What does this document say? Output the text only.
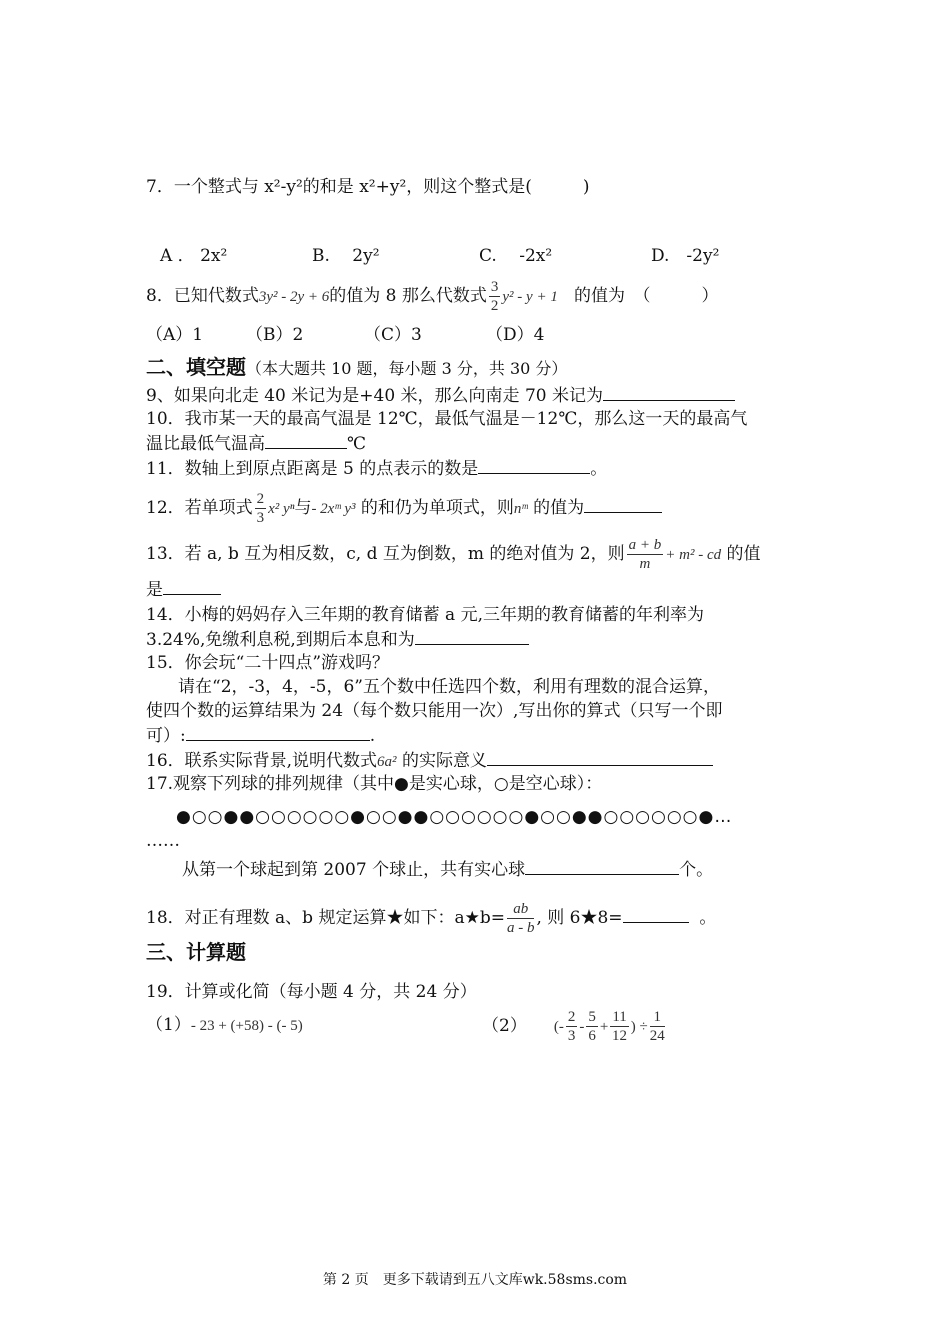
7．一个整式与 x²-y²的和是 x²+y²，则这个整式是(　　　)
A ． 2x²	B.　 2y²	C.　 -2x²	D.　-2y²
8．已知代数式3y² - 2y + 6的值为 8 那么代数式 $\frac{3}{2} y^2 - y + 1$ 的值为　（　　　）
（A）1	（B）2	（C）3	（D）4
二、填空题（本大题共 10 题，每小题 3 分，共 30 分）
9、如果向北走 40 米记为是+40 米，那么向南走 70 米记为
10．我市某一天的最高气温是 12℃，最低气温是－12℃，那么这一天的最高气
温比最低气温高	℃
11．数轴上到原点距离是 5 的点表示的数是	。
12．若单项式 $\frac{2}{3} x^2$ yⁿ与- 2xᵐ y³ 的和仍为单项式，则nᵐ 的值为
13．若 a, b 互为相反数，c, d 互为倒数，m 的绝对值为 2，则 $\frac{a + b}{m} + m^2$ - cd 的值
是
14．小梅的妈妈存入三年期的教育储蓄 a 元,三年期的教育储蓄的年利率为
3.24%,免缴利息税,到期后本息和为
15．你会玩“二十四点”游戏吗？
请在“2，-3，4，-5，6”五个数中任选四个数，利用有理数的混合运算，
使四个数的运算结果为 24（每个数只能用一次）,写出你的算式（只写一个即
可）:	.
16．联系实际背景,说明代数式6a² 的实际意义
17.观察下列球的排列规律（其中●是实心球，○是空心球）：
●○○●●○○○○○○●○○●●○○○○○○●○○●●○○○○○○●…
……
从第一个球起到第 2007 个球止，共有实心球	个。
18．对正有理数 a、b 规定运算★如下：a★b= $\frac{ab}{a - b}$ , 则 6★8=	。
三、计算题
19．计算或化简（每小题 4 分，共 24 分）
（1）- 23 + (+58) - (- 5)	（2） (- $\frac{2}{3} - \frac{5}{6} + \frac{11}{12}$ ) ÷ $\frac{1}{24}$
第 2 页　更多下载请到五八文库wk.58sms.com
